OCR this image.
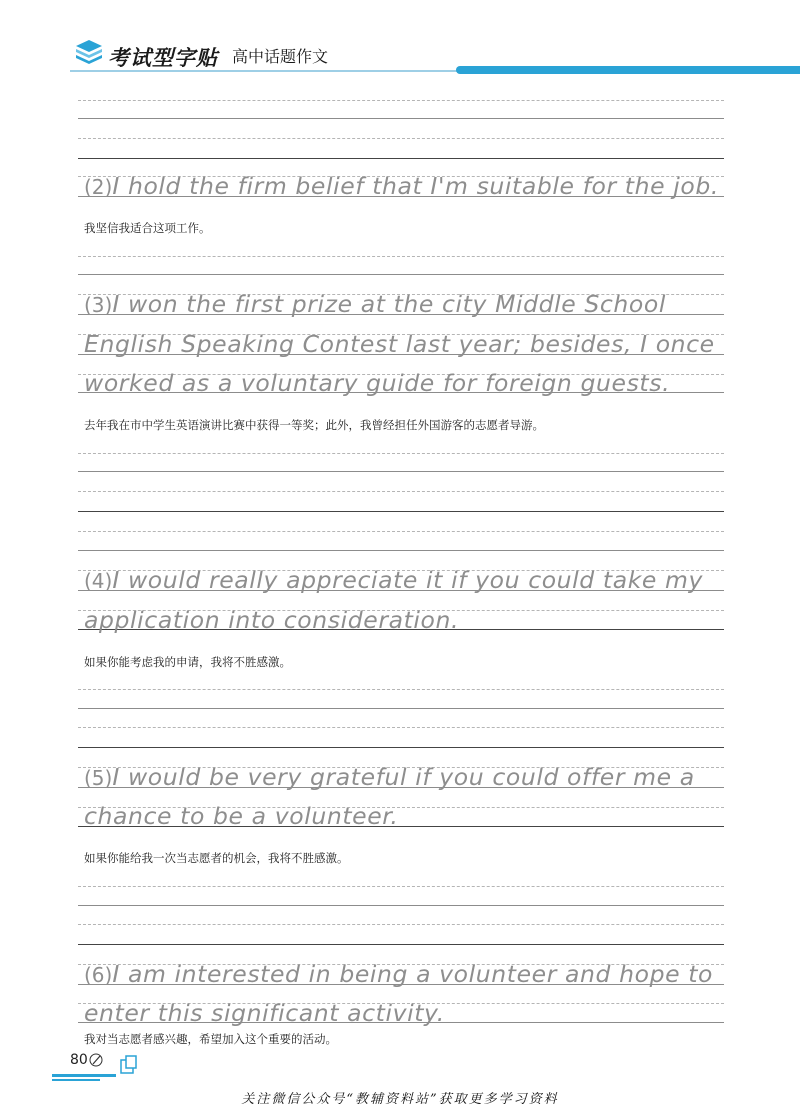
考试型字贴 高中话题作文

(2)I hold the firm belief that I'm suitable for the job.

我坚信我适合这项工作。

(3)I won the first prize at the city Middle School

English Speaking Contest last year; besides, I once

worked as a voluntary guide for foreign guests.

去年我在市中学生英语演讲比赛中获得一等奖；此外，我曾经担任外国游客的志愿者导游。

(4)I would really appreciate it if you could take my

application into consideration.

如果你能考虑我的申请，我将不胜感激。

(5)I would be very grateful if you could offer me a

chance to be a volunteer.

如果你能给我一次当志愿者的机会，我将不胜感激。

(6)I am interested in being a volunteer and hope to

enter this significant activity.

我对当志愿者感兴趣，希望加入这个重要的活动。

80
关注微信公众号“教辅资料站”获取更多学习资料
